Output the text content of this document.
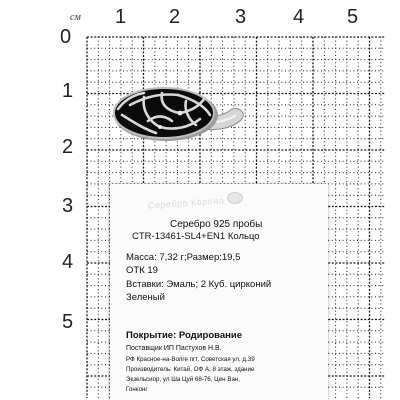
см
0
1 2	3 4 5
1
2
3
4
5
Серебро Корона
Серебро 925 пробы
CTR-13461-SL4+EN1 Кольцо
Масса: 7,32 г;Размер:19,5
ОТК 19
Вставки: Эмаль; 2 Куб. цирконий
Зеленый
Покрытие: Родирование
Поставщик ИП Пастухов Н.В.
РФ Красное-на-Волге пгт, Советская ул, д.39
Производитель: Китай, ОФ А, 8 этаж, здание
Экзельсиор, ул Ша Цуй 68-76, Цен Ван,
Гонконг
